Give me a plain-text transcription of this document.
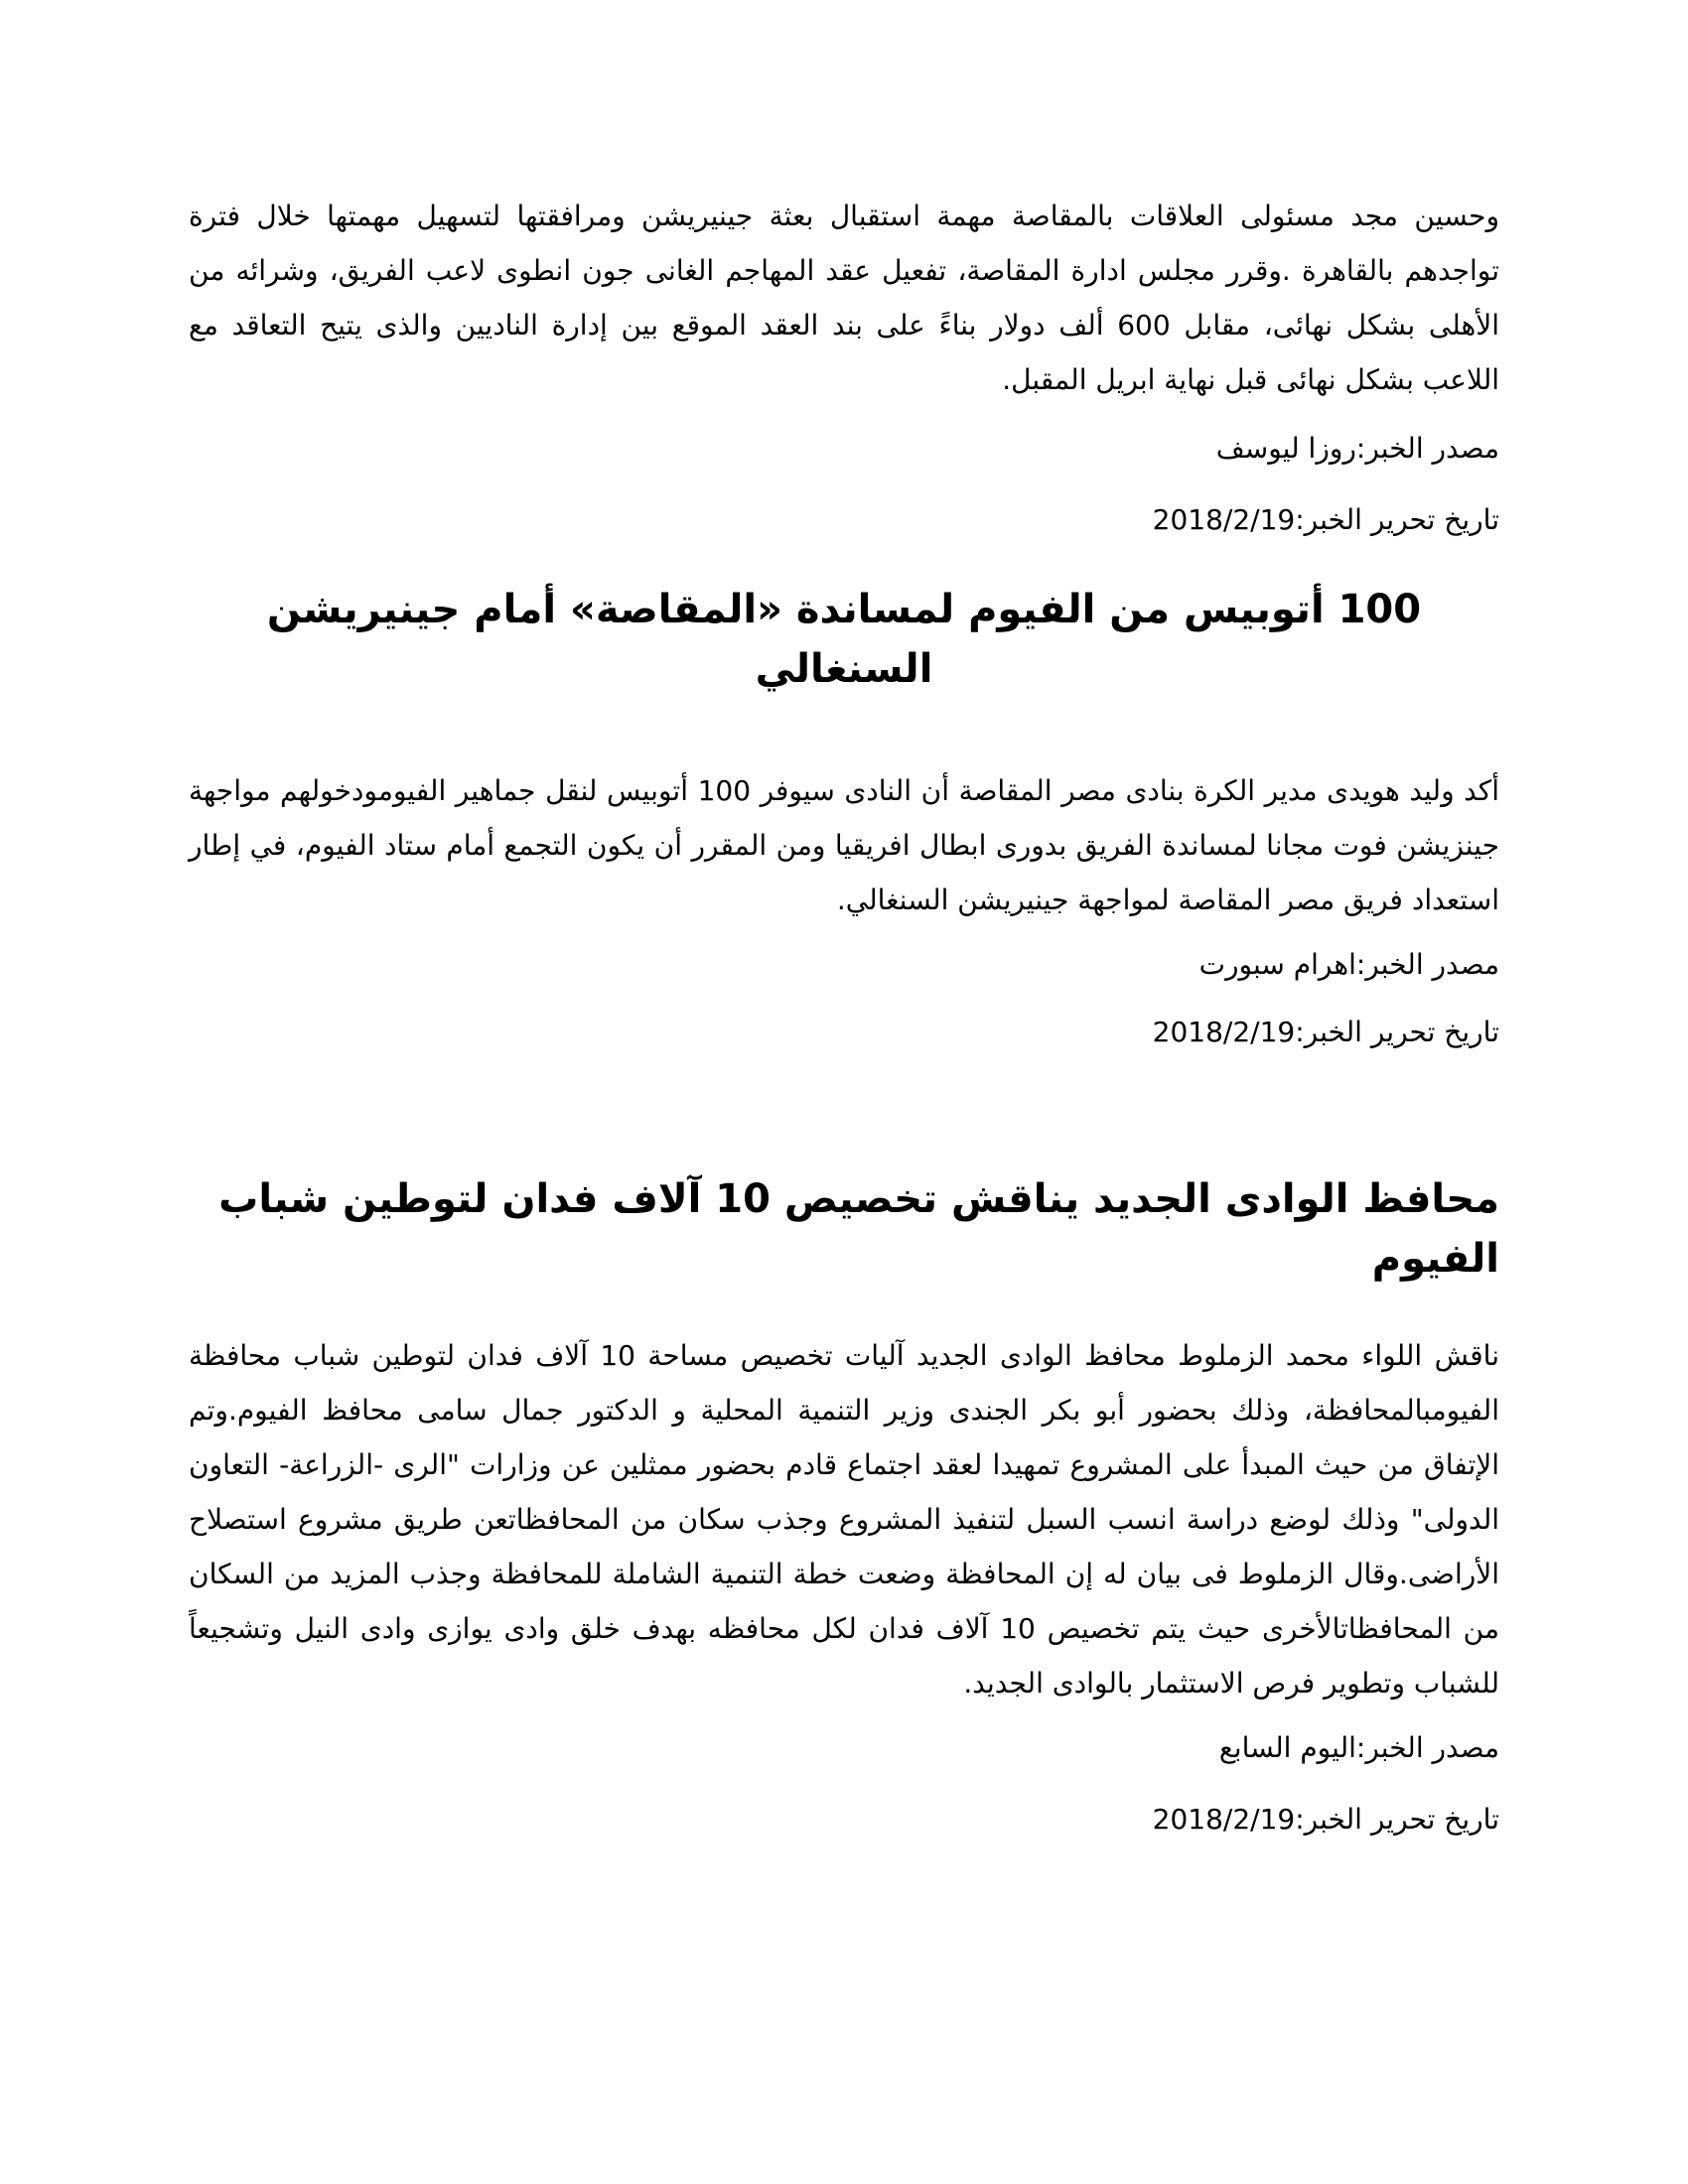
وحسين مجد مسئولى العلاقات بالمقاصة مهمة استقبال بعثة جينيريشن ومرافقتها لتسهيل مهمتها خلال فترة تواجدهم بالقاهرة .وقرر مجلس ادارة المقاصة، تفعيل عقد المهاجم الغانى جون انطوى لاعب الفريق، وشرائه من الأهلى بشكل نهائى، مقابل 600 ألف دولار بناءً على بند العقد الموقع بين إدارة الناديين والذى يتيح التعاقد مع اللاعب بشكل نهائى قبل نهاية ابريل المقبل.

مصدر الخبر:روزا ليوسف

تاريخ تحرير الخبر:2018/2/19

100 أتوبيس من الفيوم لمساندة «المقاصة» أمام جينيريشن السنغالي

أكد وليد هويدى مدير الكرة بنادى مصر المقاصة أن النادى سيوفر 100 أتوبيس لنقل جماهير الفيومودخولهم مواجهة جينزيشن فوت مجانا لمساندة الفريق بدورى ابطال افريقيا ومن المقرر أن يكون التجمع أمام ستاد الفيوم، في إطار استعداد فريق مصر المقاصة لمواجهة جينيريشن السنغالي.

مصدر الخبر:اهرام سبورت

تاريخ تحرير الخبر:2018/2/19

محافظ الوادى الجديد يناقش تخصيص 10 آلاف فدان لتوطين شباب الفيوم

ناقش اللواء محمد الزملوط محافظ الوادى الجديد آليات تخصيص مساحة 10 آلاف فدان لتوطين شباب محافظة الفيومبالمحافظة، وذلك بحضور أبو بكر الجندى وزير التنمية المحلية و الدكتور جمال سامى محافظ الفيوم.وتم الإتفاق من حيث المبدأ على المشروع تمهيدا لعقد اجتماع قادم بحضور ممثلين عن وزارات "الرى -الزراعة- التعاون الدولى" وذلك لوضع دراسة انسب السبل لتنفيذ المشروع وجذب سكان من المحافظاتعن طريق مشروع استصلاح الأراضى.وقال الزملوط فى بيان له إن المحافظة وضعت خطة التنمية الشاملة للمحافظة وجذب المزيد من السكان من المحافظاتالأخرى حيث يتم تخصيص 10 آلاف فدان لكل محافظه بهدف خلق وادى يوازى وادى النيل وتشجيعاً للشباب وتطوير فرص الاستثمار بالوادى الجديد.

مصدر الخبر:اليوم السابع

تاريخ تحرير الخبر:2018/2/19
